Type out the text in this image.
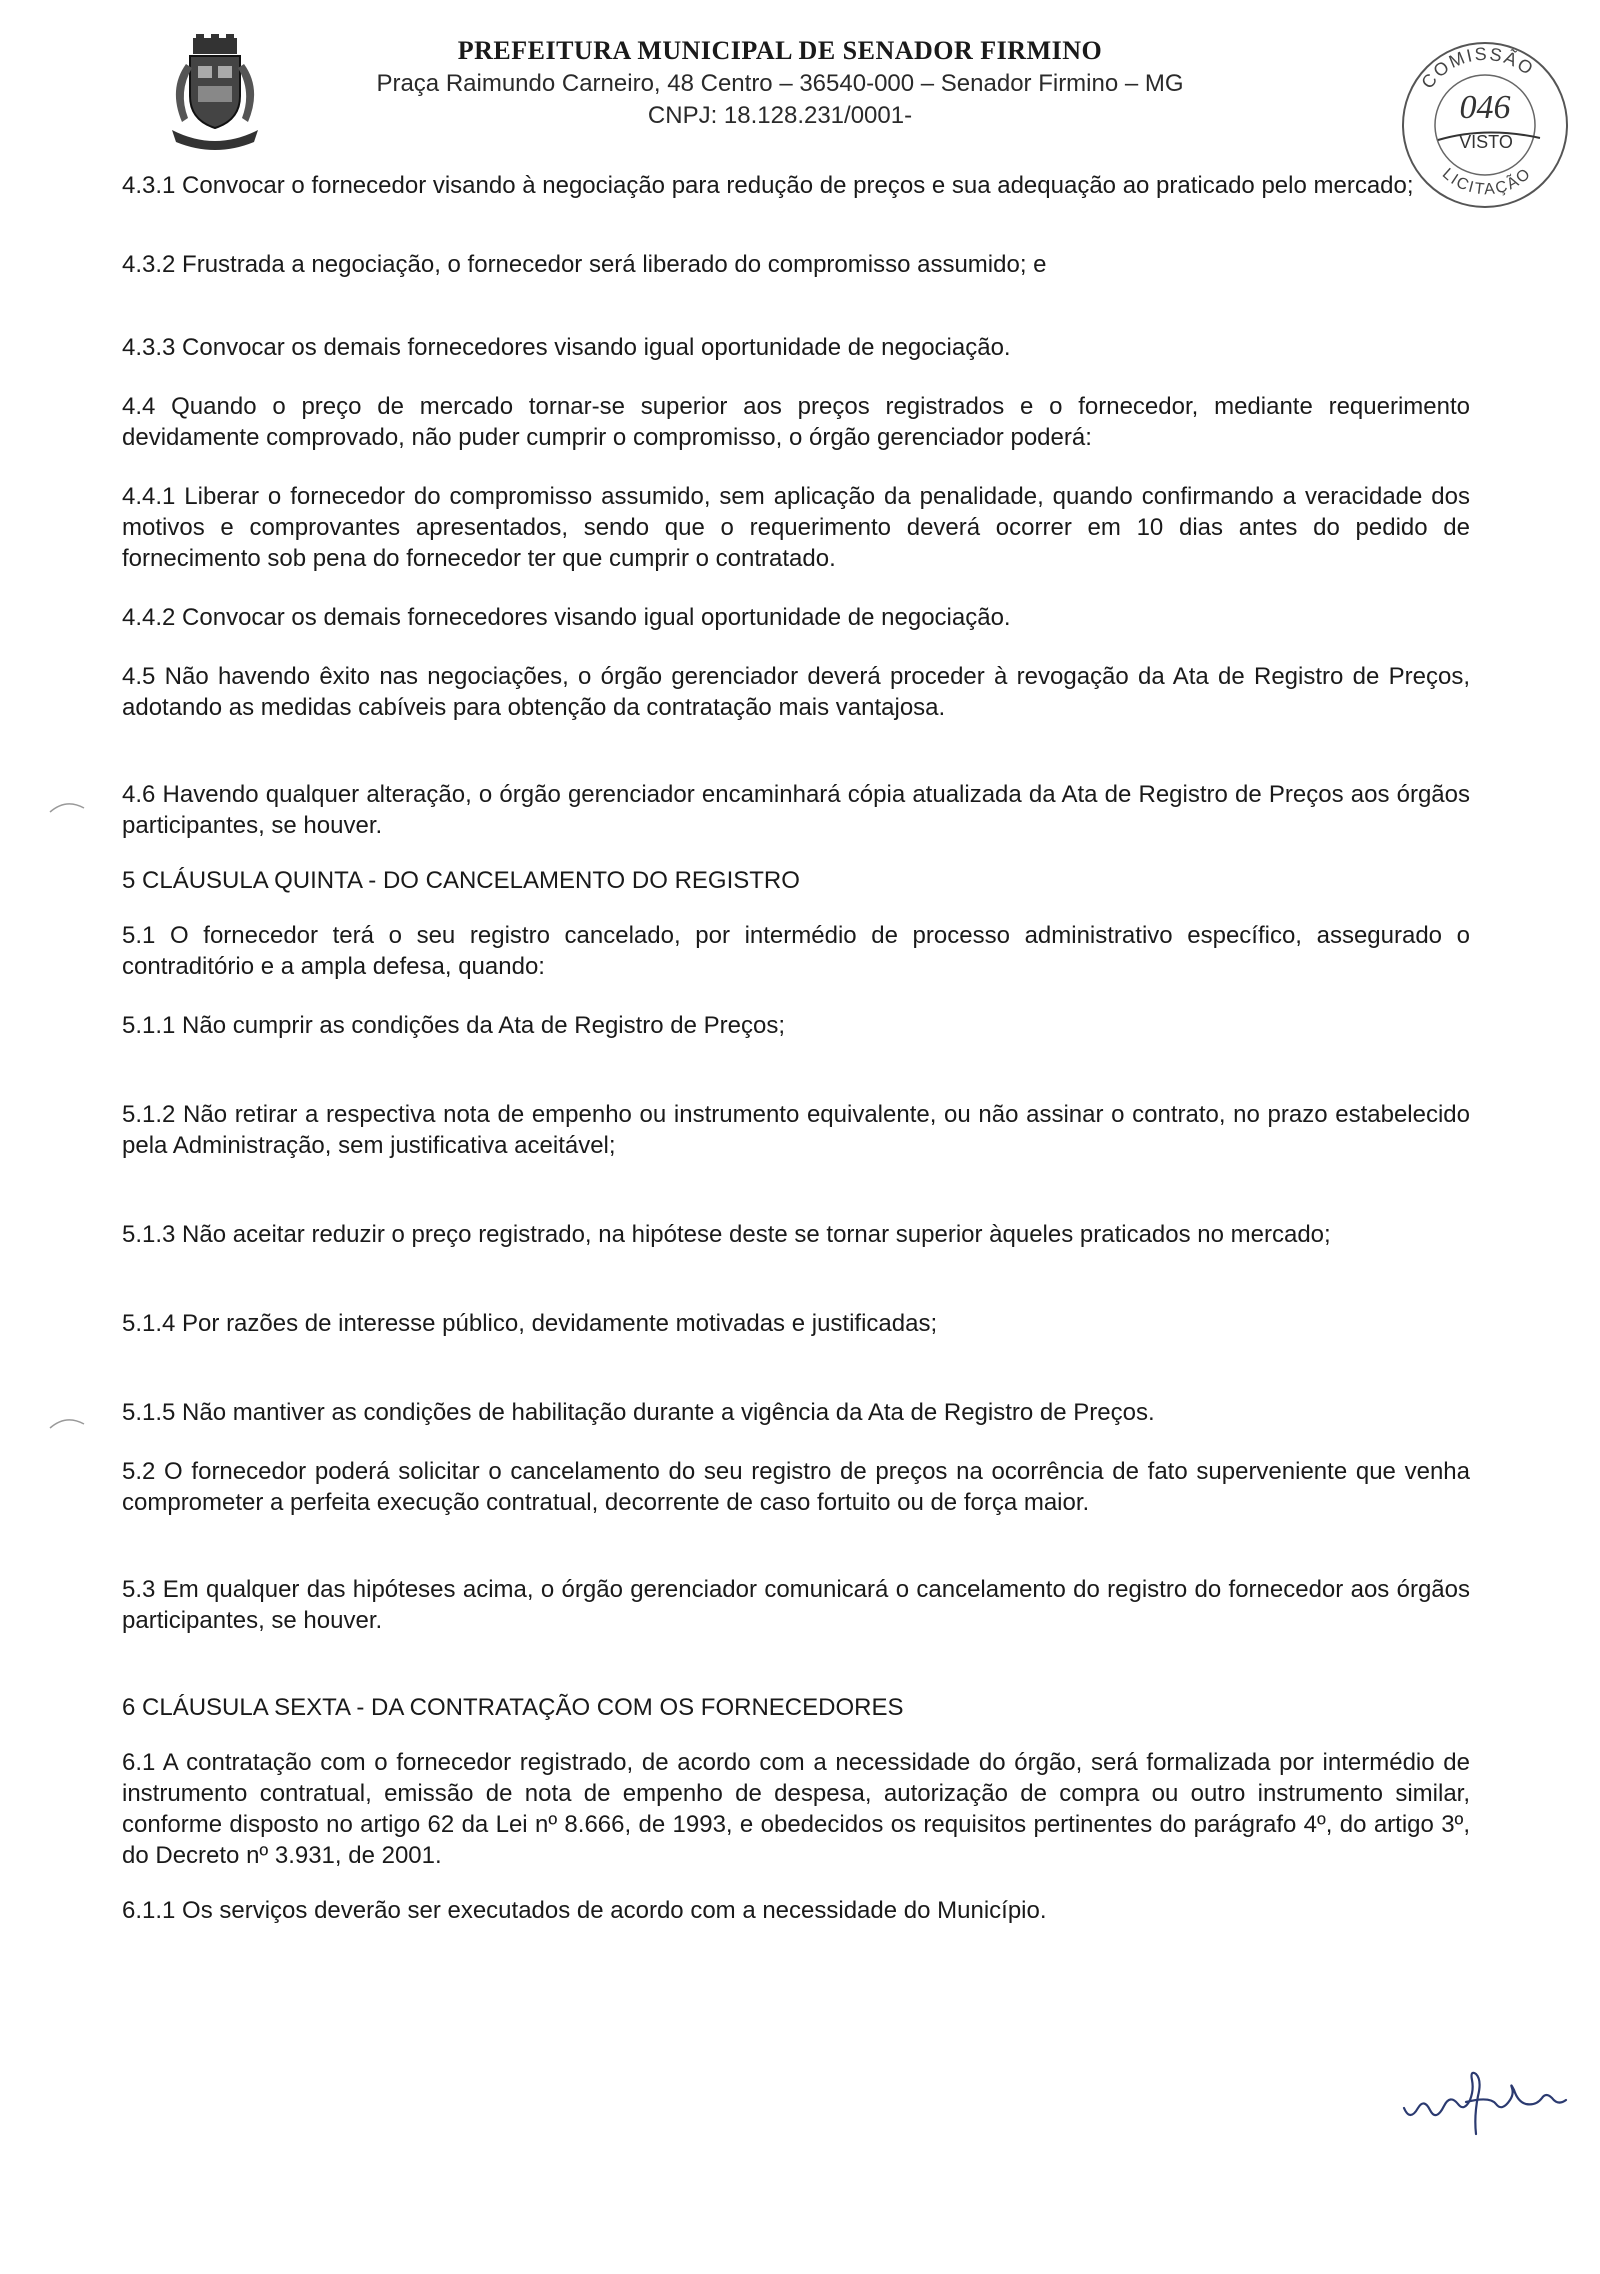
PREFEITURA MUNICIPAL DE SENADOR FIRMINO
Praça Raimundo Carneiro, 48 Centro – 36540-000 – Senador Firmino – MG
CNPJ: 18.128.231/0001-
COMISSÃO
LICITAÇÃO
046
VISTO

4.3.1 Convocar o fornecedor visando à negociação para redução de preços e sua adequação ao praticado pelo mercado;

4.3.2 Frustrada a negociação, o fornecedor será liberado do compromisso assumido; e

4.3.3 Convocar os demais fornecedores visando igual oportunidade de negociação.

4.4 Quando o preço de mercado tornar-se superior aos preços registrados e o fornecedor, mediante requerimento devidamente comprovado, não puder cumprir o compromisso, o órgão gerenciador poderá:

4.4.1 Liberar o fornecedor do compromisso assumido, sem aplicação da penalidade, quando confirmando a veracidade dos motivos e comprovantes apresentados, sendo que o requerimento deverá ocorrer em 10 dias antes do pedido de fornecimento sob pena do fornecedor ter que cumprir o contratado.

4.4.2 Convocar os demais fornecedores visando igual oportunidade de negociação.

4.5 Não havendo êxito nas negociações, o órgão gerenciador deverá proceder à revogação da Ata de Registro de Preços, adotando as medidas cabíveis para obtenção da contratação mais vantajosa.

4.6 Havendo qualquer alteração, o órgão gerenciador encaminhará cópia atualizada da Ata de Registro de Preços aos órgãos participantes, se houver.

5 CLÁUSULA QUINTA - DO CANCELAMENTO DO REGISTRO

5.1 O fornecedor terá o seu registro cancelado, por intermédio de processo administrativo específico, assegurado o contraditório e a ampla defesa, quando:

5.1.1 Não cumprir as condições da Ata de Registro de Preços;

5.1.2 Não retirar a respectiva nota de empenho ou instrumento equivalente, ou não assinar o contrato, no prazo estabelecido pela Administração, sem justificativa aceitável;

5.1.3 Não aceitar reduzir o preço registrado, na hipótese deste se tornar superior àqueles praticados no mercado;

5.1.4 Por razões de interesse público, devidamente motivadas e justificadas;

5.1.5 Não mantiver as condições de habilitação durante a vigência da Ata de Registro de Preços.

5.2 O fornecedor poderá solicitar o cancelamento do seu registro de preços na ocorrência de fato superveniente que venha comprometer a perfeita execução contratual, decorrente de caso fortuito ou de força maior.

5.3 Em qualquer das hipóteses acima, o órgão gerenciador comunicará o cancelamento do registro do fornecedor aos órgãos participantes, se houver.

6 CLÁUSULA SEXTA - DA CONTRATAÇÃO COM OS FORNECEDORES

6.1 A contratação com o fornecedor registrado, de acordo com a necessidade do órgão, será formalizada por intermédio de instrumento contratual, emissão de nota de empenho de despesa, autorização de compra ou outro instrumento similar, conforme disposto no artigo 62 da Lei nº 8.666, de 1993, e obedecidos os requisitos pertinentes do parágrafo 4º, do artigo 3º, do Decreto nº 3.931, de 2001.

6.1.1 Os serviços deverão ser executados de acordo com a necessidade do Município.
